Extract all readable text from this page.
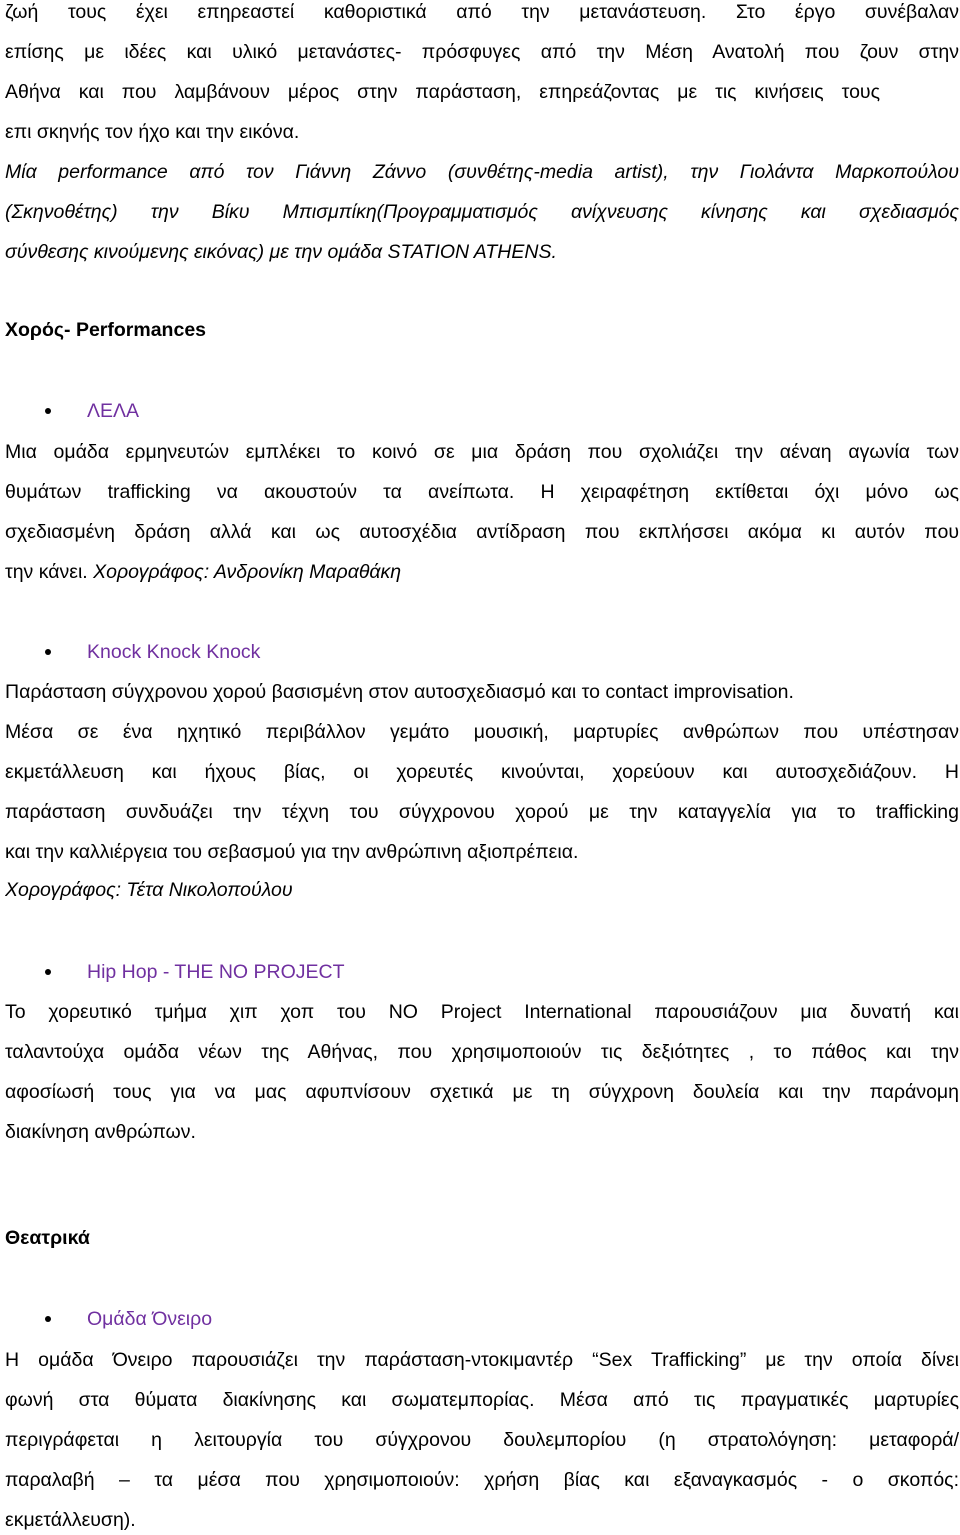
ζωή τους έχει επηρεαστεί καθοριστικά από την μετανάστευση. Στο έργο συνέβαλαν
επίσης με ιδέες και υλικό μετανάστες- πρόσφυγες από την Μέση Ανατολή που ζουν στην
Αθήνα και που λαμβάνουν μέρος στην παράσταση, επηρεάζοντας με τις κινήσεις τους
επι σκηνής τον ήχο και την εικόνα.
Μία performance από τον Γιάννη Ζάννο (συνθέτης-media artist), την Γιολάντα Μαρκοπούλου
(Σκηνοθέτης) την Βίκυ Μπισμπίκη(Προγραμματισμός ανίχνευσης κίνησης και σχεδιασμός
σύνθεσης κινούμενης εικόνας) με την ομάδα STATION ATHENS.
Χορός- Performances
ΛΕΛΑ
Μια ομάδα ερμηνευτών εμπλέκει το κοινό σε μια δράση που σχολιάζει την αέναη αγωνία των
θυμάτων trafficking να ακουστούν τα ανείπωτα. Η χειραφέτηση εκτίθεται όχι μόνο ως
σχεδιασμένη δράση αλλά και ως αυτοσχέδια αντίδραση που εκπλήσσει ακόμα κι αυτόν που
την κάνει. Χορογράφος: Ανδρονίκη Μαραθάκη
Knock Knock Knock
Παράσταση σύγχρονου χορού βασισμένη στον αυτοσχεδιασμό και το contact improvisation.
Μέσα σε ένα ηχητικό περιβάλλον γεμάτο μουσική, μαρτυρίες ανθρώπων που υπέστησαν
εκμετάλλευση και ήχους βίας, οι χορευτές κινούνται, χορεύουν και αυτοσχεδιάζουν. Η
παράσταση συνδυάζει την τέχνη του σύγχρονου χορού με την καταγγελία για το trafficking
και την καλλιέργεια του σεβασμού για την ανθρώπινη αξιοπρέπεια.
Χορογράφος: Τέτα Νικολοπούλου
Hip Hop - THE NO PROJECT
Το χορευτικό τμήμα χιπ χοπ του NO Project International παρουσιάζουν μια δυνατή και
ταλαντούχα ομάδα νέων της Αθήνας, που χρησιμοποιούν τις δεξιότητες , το πάθος και την
αφοσίωσή τους για να μας αφυπνίσουν σχετικά με τη σύγχρονη δουλεία και την παράνομη
διακίνηση ανθρώπων.
Θεατρικά
Ομάδα Όνειρο
Η ομάδα Όνειρο παρουσιάζει την παράσταση-ντοκιμαντέρ “Sex Trafficking” με την οποία δίνει
φωνή στα θύματα διακίνησης και σωματεμπορίας. Μέσα από τις πραγματικές μαρτυρίες
περιγράφεται η λειτουργία του σύγχρονου δουλεμπορίου (η στρατολόγηση: μεταφορά/
παραλαβή – τα μέσα που χρησιμοποιούν: χρήση βίας και εξαναγκασμός - ο σκοπός:
εκμετάλλευση).
